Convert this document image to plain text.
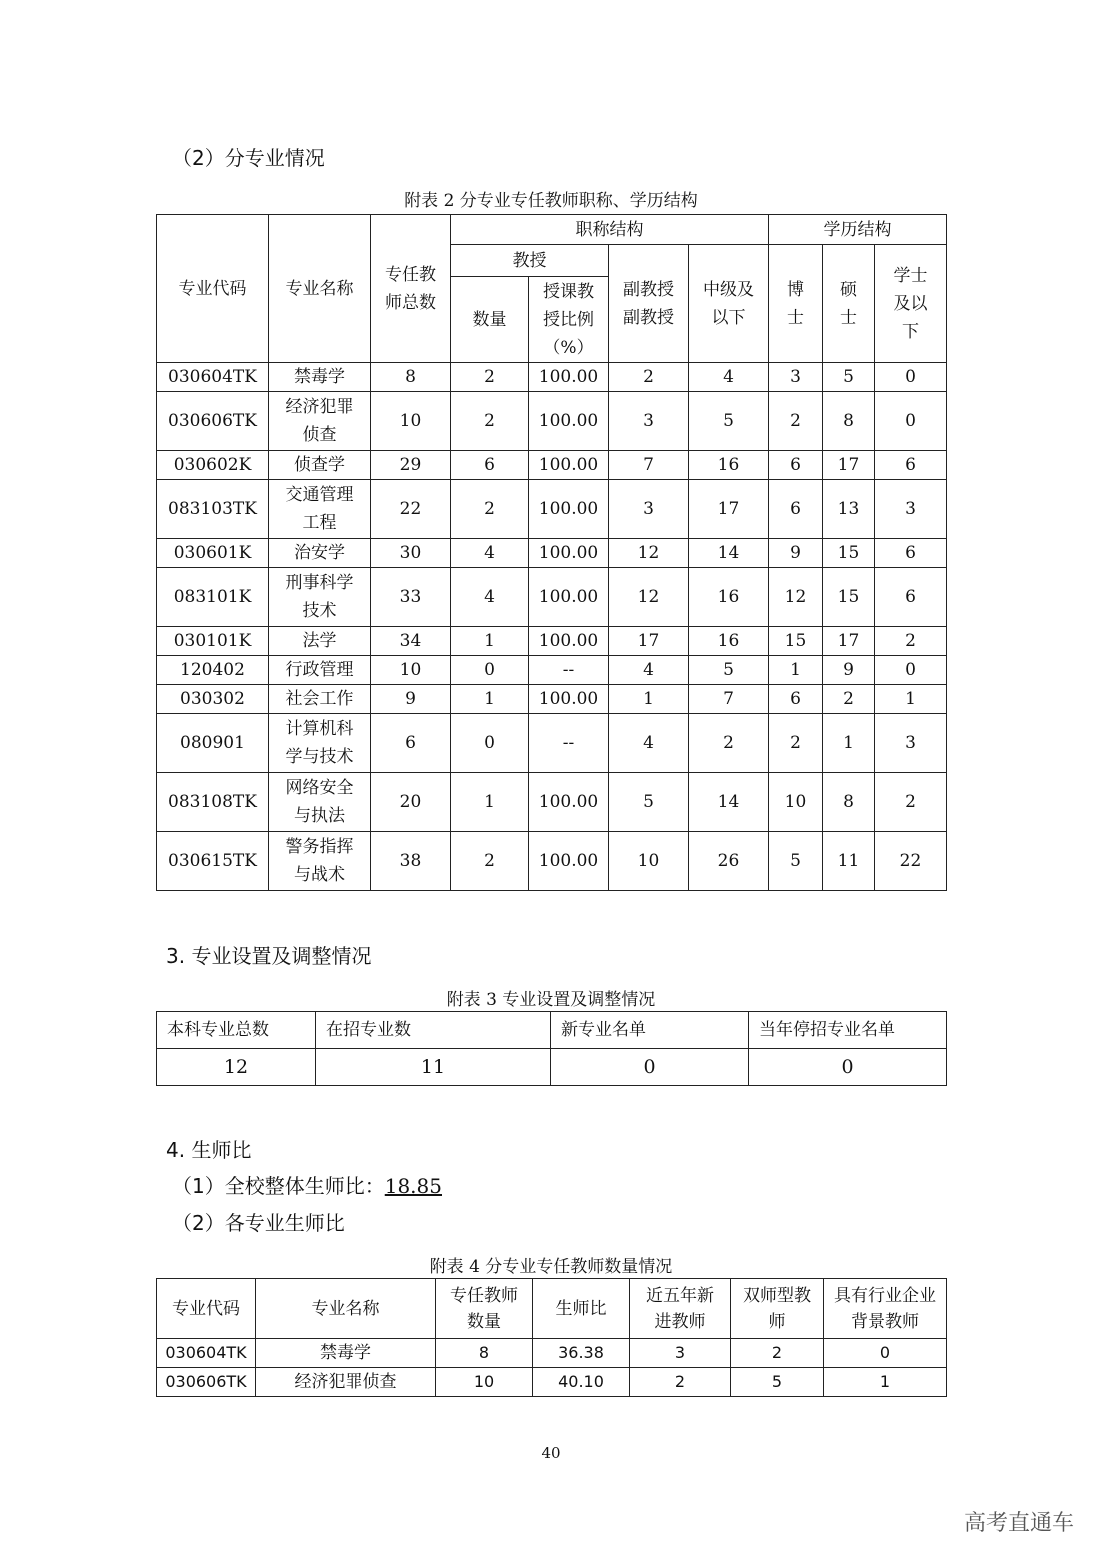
（2）分专业情况
附表 2 分专业专任教师职称、学历结构
专业代码	专业名称	专任教师总数	职称结构				学历结构		
			教授		副教授副教授	中级及以下	博士	硕士	学士及以下
			数量	授课教授比例（%）					
030604TK	禁毒学	8	2	100.00	2	4	3	5	0
030606TK	经济犯罪侦查	10	2	100.00	3	5	2	8	0
030602K	侦查学	29	6	100.00	7	16	6	17	6
083103TK	交通管理工程	22	2	100.00	3	17	6	13	3
030601K	治安学	30	4	100.00	12	14	9	15	6
083101K	刑事科学技术	33	4	100.00	12	16	12	15	6
030101K	法学	34	1	100.00	17	16	15	17	2
120402	行政管理	10	0	--	4	5	1	9	0
030302	社会工作	9	1	100.00	1	7	6	2	1
080901	计算机科学与技术	6	0	--	4	2	2	1	3
083108TK	网络安全与执法	20	1	100.00	5	14	10	8	2
030615TK	警务指挥与战术	38	2	100.00	10	26	5	11	22
3. 专业设置及调整情况
附表 3 专业设置及调整情况
本科专业总数	在招专业数	新专业名单	当年停招专业名单
12	11	0	0
4. 生师比
（1）全校整体生师比：18.85
（2）各专业生师比
附表 4 分专业专任教师数量情况
专业代码	专业名称	专任教师数量	生师比	近五年新进教师	双师型教师	具有行业企业背景教师
030604TK	禁毒学	8	36.38	3	2	0
030606TK	经济犯罪侦查	10	40.10	2	5	1
40
高考直通车
